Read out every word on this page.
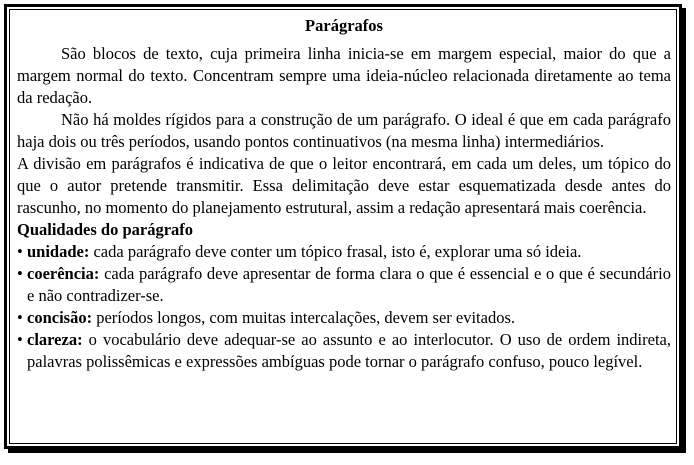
Parágrafos

São blocos de texto, cuja primeira linha inicia-se em margem especial, maior do que a margem normal do texto. Concentram sempre uma ideia-núcleo relacionada diretamente ao tema da redação.

Não há moldes rígidos para a construção de um parágrafo. O ideal é que em cada parágrafo haja dois ou três períodos, usando pontos continuativos (na mesma linha) intermediários.

A divisão em parágrafos é indicativa de que o leitor encontrará, em cada um deles, um tópico do que o autor pretende transmitir. Essa delimitação deve estar esquematizada desde antes do rascunho, no momento do planejamento estrutural, assim a redação apresentará mais coerência.

Qualidades do parágrafo
• unidade: cada parágrafo deve conter um tópico frasal, isto é, explorar uma só ideia.
• coerência: cada parágrafo deve apresentar de forma clara o que é essencial e o que é secundário e não contradizer-se.
• concisão: períodos longos, com muitas intercalações, devem ser evitados.
• clareza: o vocabulário deve adequar-se ao assunto e ao interlocutor. O uso de ordem indireta, palavras polissêmicas e expressões ambíguas pode tornar o parágrafo confuso, pouco legível.
